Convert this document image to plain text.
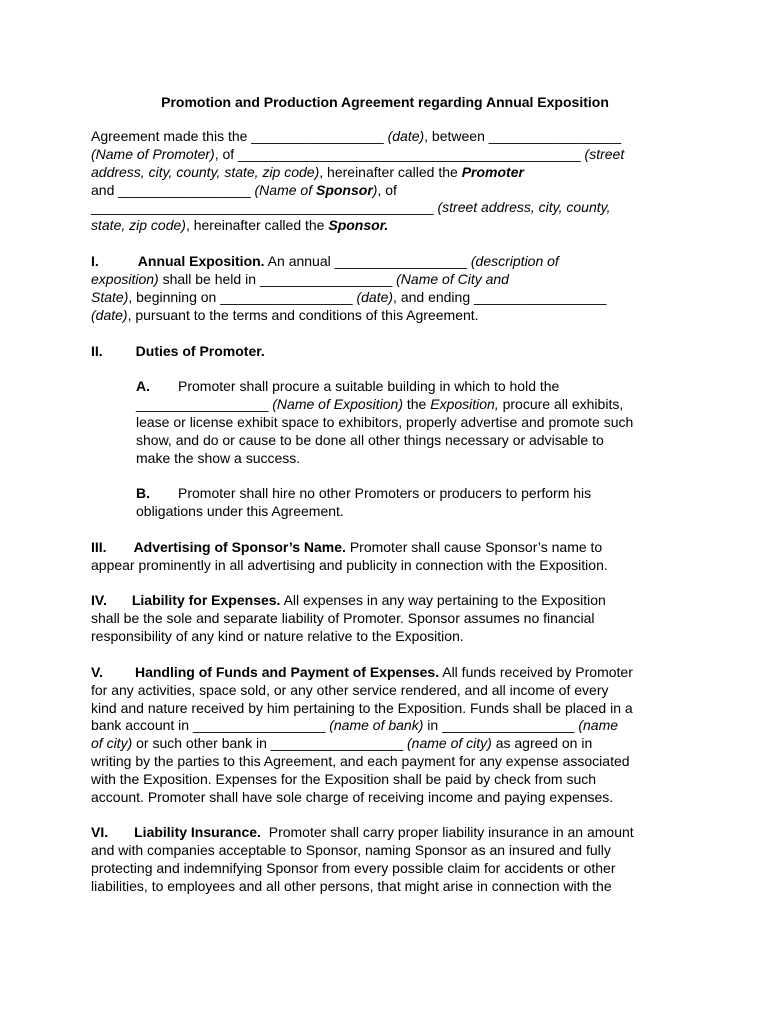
Promotion and Production Agreement regarding Annual Exposition
Agreement made this the _________________ (date), between _________________
(Name of Promoter), of ____________________________________________ (street
address, city, county, state, zip code), hereinafter called the Promoter
and _________________ (Name of Sponsor), of
____________________________________________ (street address, city, county,
state, zip code), hereinafter called the Sponsor.
I.	Annual Exposition. An annual _________________ (description of
exposition) shall be held in _________________ (Name of City and
State), beginning on _________________ (date), and ending _________________
(date), pursuant to the terms and conditions of this Agreement.
II. Duties of Promoter.
A. Promoter shall procure a suitable building in which to hold the
_________________ (Name of Exposition) the Exposition, procure all exhibits,
lease or license exhibit space to exhibitors, properly advertise and promote such
show, and do or cause to be done all other things necessary or advisable to
make the show a success.
B. Promoter shall hire no other Promoters or producers to perform his
obligations under this Agreement.
III. Advertising of Sponsor’s Name. Promoter shall cause Sponsor’s name to
appear prominently in all advertising and publicity in connection with the Exposition.
IV. Liability for Expenses. All expenses in any way pertaining to the Exposition
shall be the sole and separate liability of Promoter. Sponsor assumes no financial
responsibility of any kind or nature relative to the Exposition.
V. Handling of Funds and Payment of Expenses. All funds received by Promoter
for any activities, space sold, or any other service rendered, and all income of every
kind and nature received by him pertaining to the Exposition. Funds shall be placed in a
bank account in _________________ (name of bank) in _________________ (name
of city) or such other bank in _________________ (name of city) as agreed on in
writing by the parties to this Agreement, and each payment for any expense associated
with the Exposition. Expenses for the Exposition shall be paid by check from such
account. Promoter shall have sole charge of receiving income and paying expenses.
VI. Liability Insurance.  Promoter shall carry proper liability insurance in an amount
and with companies acceptable to Sponsor, naming Sponsor as an insured and fully
protecting and indemnifying Sponsor from every possible claim for accidents or other
liabilities, to employees and all other persons, that might arise in connection with the
